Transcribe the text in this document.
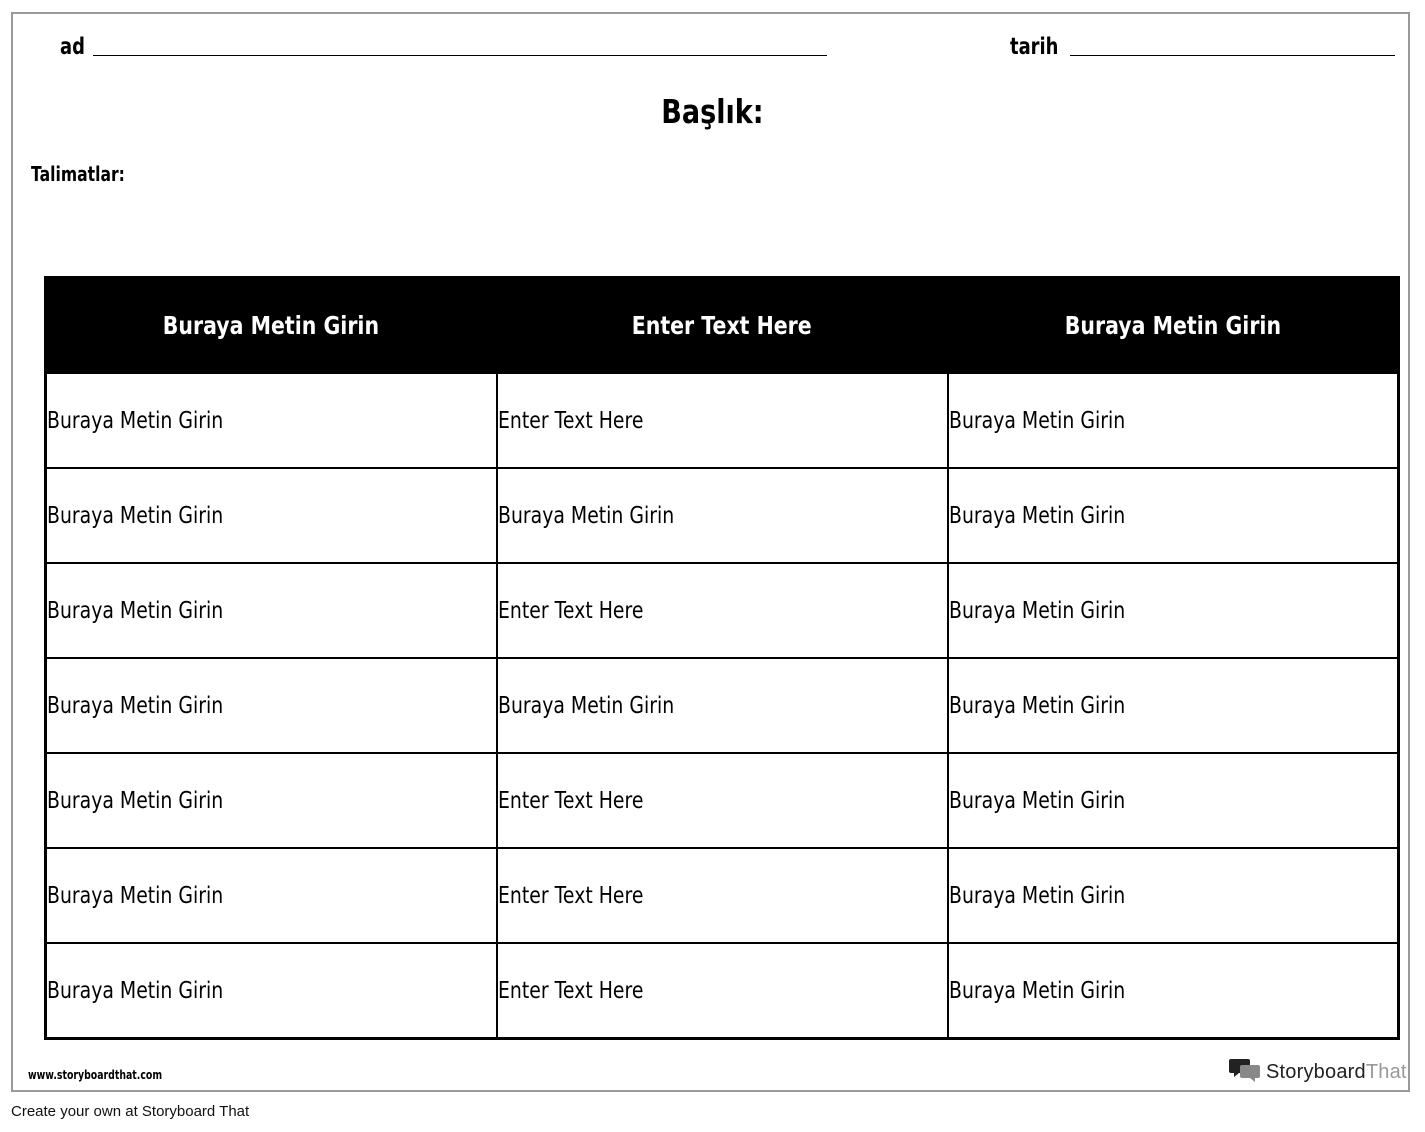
ad	tarih
Başlık:
Talimatlar:
Buraya Metin Girin	Enter Text Here	Buraya Metin Girin
Buraya Metin Girin	Enter Text Here	Buraya Metin Girin
Buraya Metin Girin	Buraya Metin Girin	Buraya Metin Girin
Buraya Metin Girin	Enter Text Here	Buraya Metin Girin
Buraya Metin Girin	Buraya Metin Girin	Buraya Metin Girin
Buraya Metin Girin	Enter Text Here	Buraya Metin Girin
Buraya Metin Girin	Enter Text Here	Buraya Metin Girin
Buraya Metin Girin	Enter Text Here	Buraya Metin Girin
www.storyboardthat.com	StoryboardThat
Create your own at Storyboard That
